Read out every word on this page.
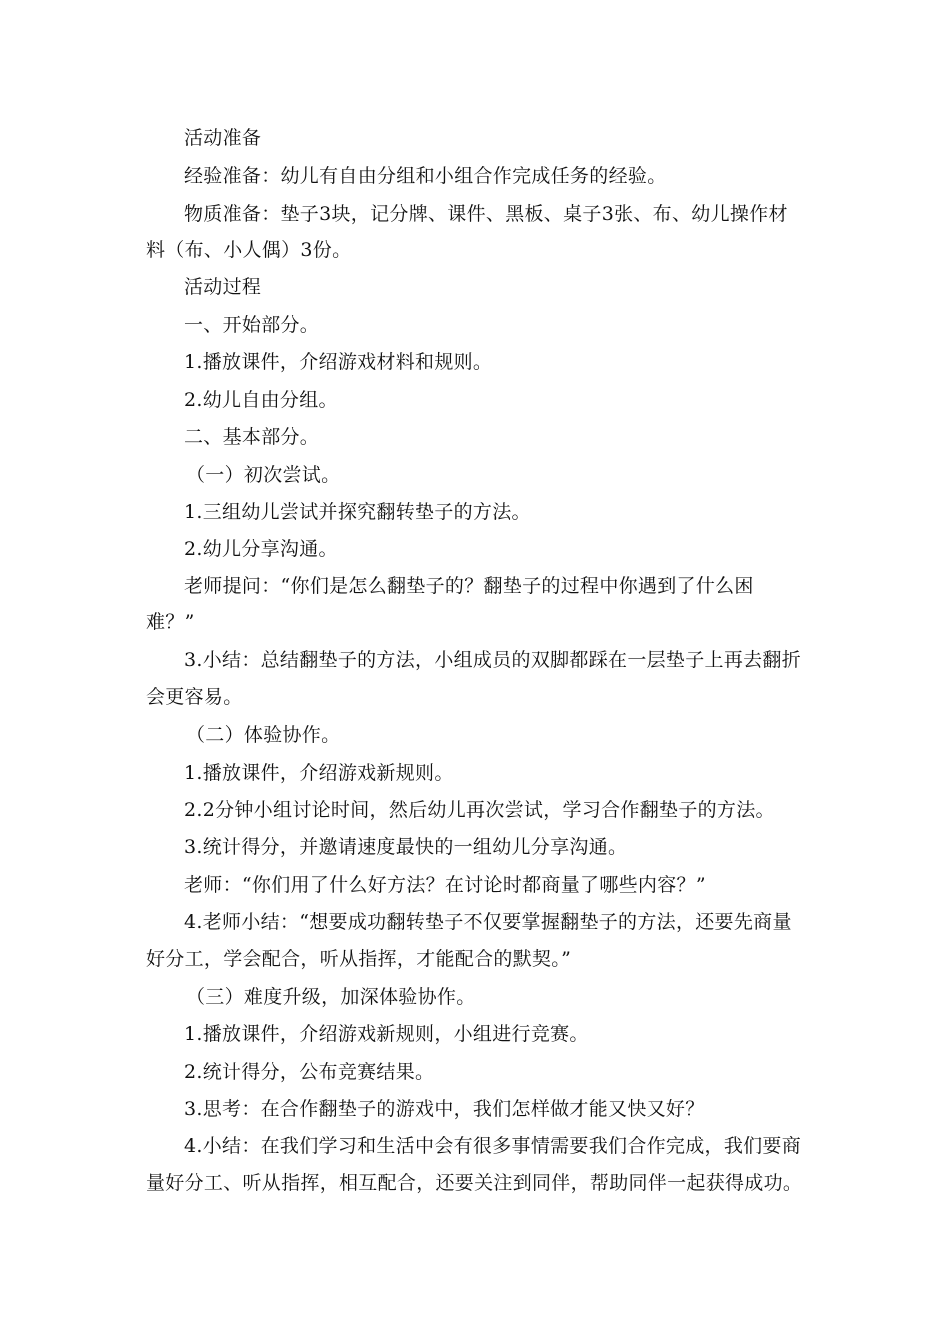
活动准备
经验准备：幼儿有自由分组和小组合作完成任务的经验。
物质准备：垫子3块，记分牌、课件、黑板、桌子3张、布、幼儿操作材
料（布、小人偶）3份。
活动过程
一、开始部分。
1.播放课件，介绍游戏材料和规则。
2.幼儿自由分组。
二、基本部分。
（一）初次尝试。
1.三组幼儿尝试并探究翻转垫子的方法。
2.幼儿分享沟通。
老师提问：“你们是怎么翻垫子的？翻垫子的过程中你遇到了什么困
难？”
3.小结：总结翻垫子的方法，小组成员的双脚都踩在一层垫子上再去翻折
会更容易。
（二）体验协作。
1.播放课件，介绍游戏新规则。
2.2分钟小组讨论时间，然后幼儿再次尝试，学习合作翻垫子的方法。
3.统计得分，并邀请速度最快的一组幼儿分享沟通。
老师：“你们用了什么好方法？在讨论时都商量了哪些内容？”
4.老师小结：“想要成功翻转垫子不仅要掌握翻垫子的方法，还要先商量
好分工，学会配合，听从指挥，才能配合的默契。”
（三）难度升级，加深体验协作。
1.播放课件，介绍游戏新规则，小组进行竞赛。
2.统计得分，公布竞赛结果。
3.思考：在合作翻垫子的游戏中，我们怎样做才能又快又好？
4.小结：在我们学习和生活中会有很多事情需要我们合作完成，我们要商
量好分工、听从指挥，相互配合，还要关注到同伴，帮助同伴一起获得成功。
